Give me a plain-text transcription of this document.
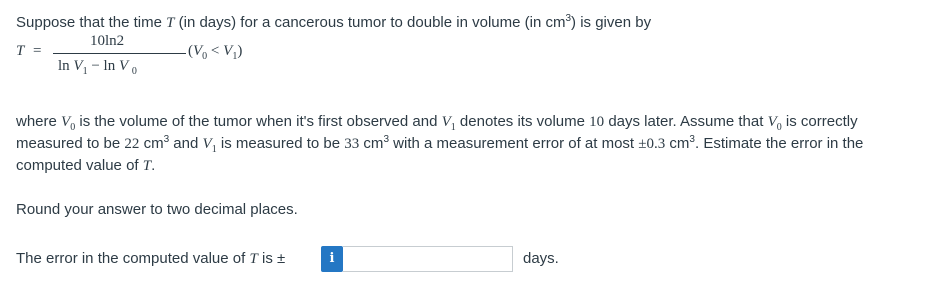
Suppose that the time T (in days) for a cancerous tumor to double in volume (in $cm^3$) is given by
T =
10ln2
$\ln V_1 - \ln V$ $_0$
$(V_0 < V_1)$
where $V_0$ is the volume of the tumor when it's first observed and $V_1$ denotes its volume 10 days later. Assume that $V_0$ is correctly measured to be 22 $cm^3$ and $V_1$ is measured to be 33 $cm^3$ with a measurement error of at most ±0.3 $cm^3$. Estimate the error in the computed value of T.
Round your answer to two decimal places.
The error in the computed value of T is ±	i	days.
